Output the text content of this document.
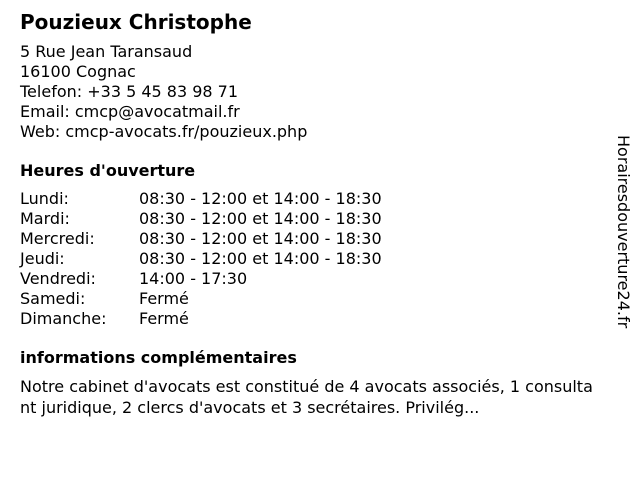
Pouzieux Christophe
5 Rue Jean Taransaud
16100 Cognac
Telefon: +33 5 45 83 98 71
Email: cmcp@avocatmail.fr
Web: cmcp-avocats.fr/pouzieux.php
Heures d'ouverture
Lundi:	08:30 - 12:00 et 14:00 - 18:30
Mardi:	08:30 - 12:00 et 14:00 - 18:30
Mercredi:	08:30 - 12:00 et 14:00 - 18:30
Jeudi:	08:30 - 12:00 et 14:00 - 18:30
Vendredi:	14:00 - 17:30
Samedi:	Fermé
Dimanche:	Fermé
informations complémentaires
Notre cabinet d'avocats est constitué de 4 avocats associés, 1 consultant juridique, 2 clercs d'avocats et 3 secrétaires. Privilég...
Horairesdouverture24.fr
